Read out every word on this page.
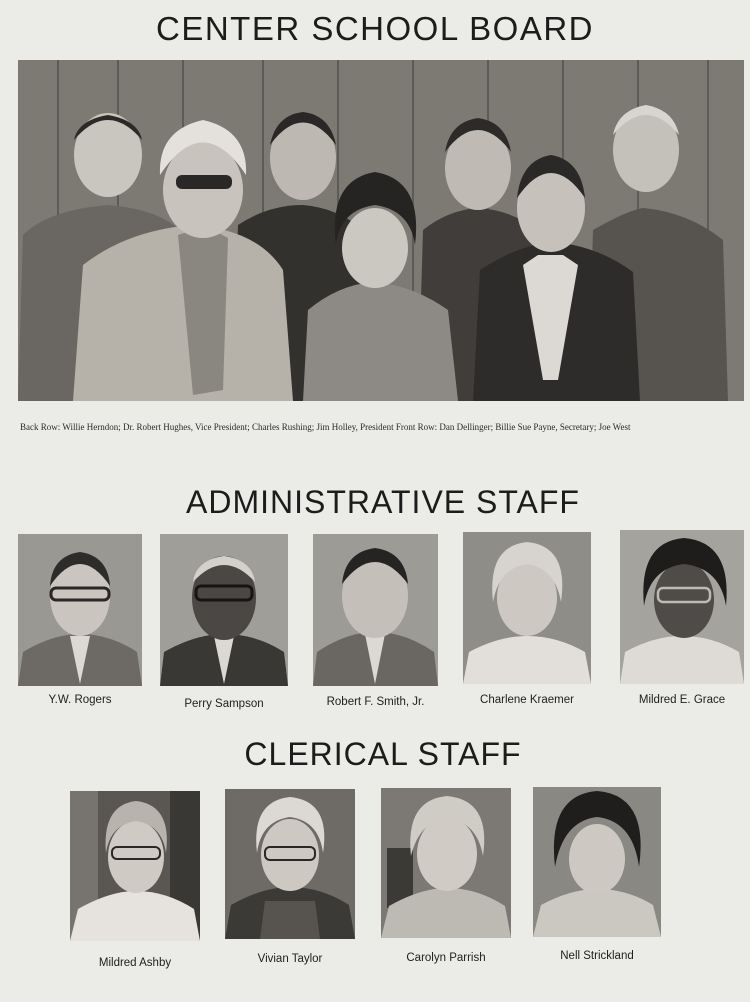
CENTER SCHOOL BOARD

Back Row: Willie Herndon; Dr. Robert Hughes, Vice President; Charles Rushing; Jim Holley, President Front Row: Dan Dellinger; Billie Sue Payne, Secretary; Joe West

ADMINISTRATIVE STAFF
Y.W. Rogers	Perry Sampson	Robert F. Smith, Jr.	Charlene Kraemer	Mildred E. Grace
CLERICAL STAFF
Mildred Ashby	Vivian Taylor	Carolyn Parrish	Nell Strickland
